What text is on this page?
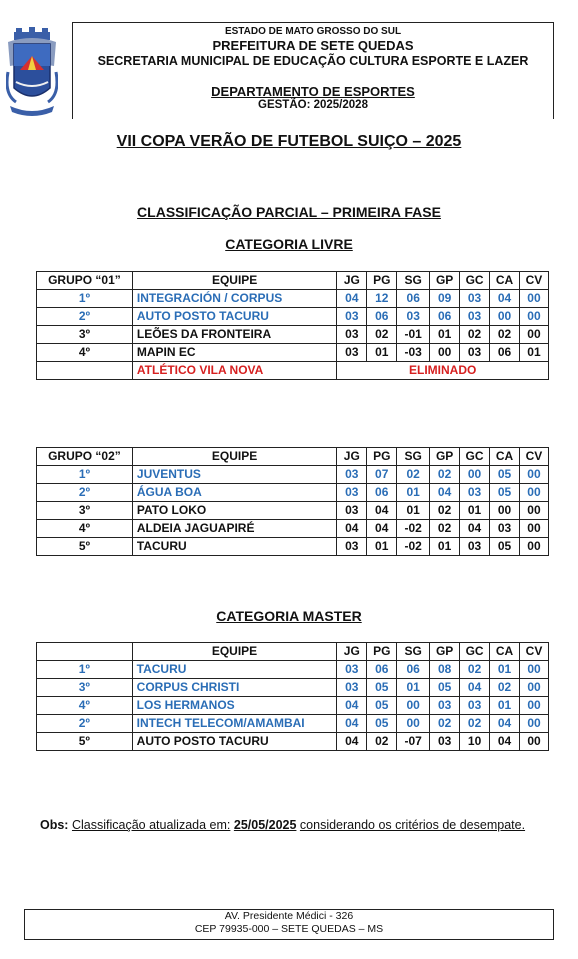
ESTADO DE MATO GROSSO DO SUL
PREFEITURA DE SETE QUEDAS
SECRETARIA MUNICIPAL DE EDUCAÇÃO CULTURA ESPORTE E LAZER
DEPARTAMENTO DE ESPORTES
GESTÃO: 2025/2028
VII COPA VERÃO DE FUTEBOL SUIÇO – 2025
CLASSIFICAÇÃO PARCIAL – PRIMEIRA FASE
CATEGORIA LIVRE
CATEGORIA MASTER
GRUPO “01”	EQUIPE	JG	PG	SG	GP	GC	CA	CV
1º	INTEGRACIÓN / CORPUS	04	12	06	09	03	04	00
2º	AUTO POSTO TACURU	03	06	03	06	03	00	00
3º	LEÕES DA FRONTEIRA	03	02	-01	01	02	02	00
4º	MAPIN EC	03	01	-03	00	03	06	01
	ATLÉTICO VILA NOVA	ELIMINADO						
GRUPO “02”	EQUIPE	JG	PG	SG	GP	GC	CA	CV
1º	JUVENTUS	03	07	02	02	00	05	00
2º	ÁGUA BOA	03	06	01	04	03	05	00
3º	PATO LOKO	03	04	01	02	01	00	00
4º	ALDEIA JAGUAPIRÉ	04	04	-02	02	04	03	00
5º	TACURU	03	01	-02	01	03	05	00
	EQUIPE	JG	PG	SG	GP	GC	CA	CV
1º	TACURU	03	06	06	08	02	01	00
3º	CORPUS CHRISTI	03	05	01	05	04	02	00
4º	LOS HERMANOS	04	05	00	03	03	01	00
2º	INTECH TELECOM/AMAMBAI	04	05	00	02	02	04	00
5º	AUTO POSTO TACURU	04	02	-07	03	10	04	00
Obs: Classificação atualizada em: 25/05/2025 considerando os critérios de desempate.
AV. Presidente Médici - 326
CEP 79935-000 – SETE QUEDAS – MS
